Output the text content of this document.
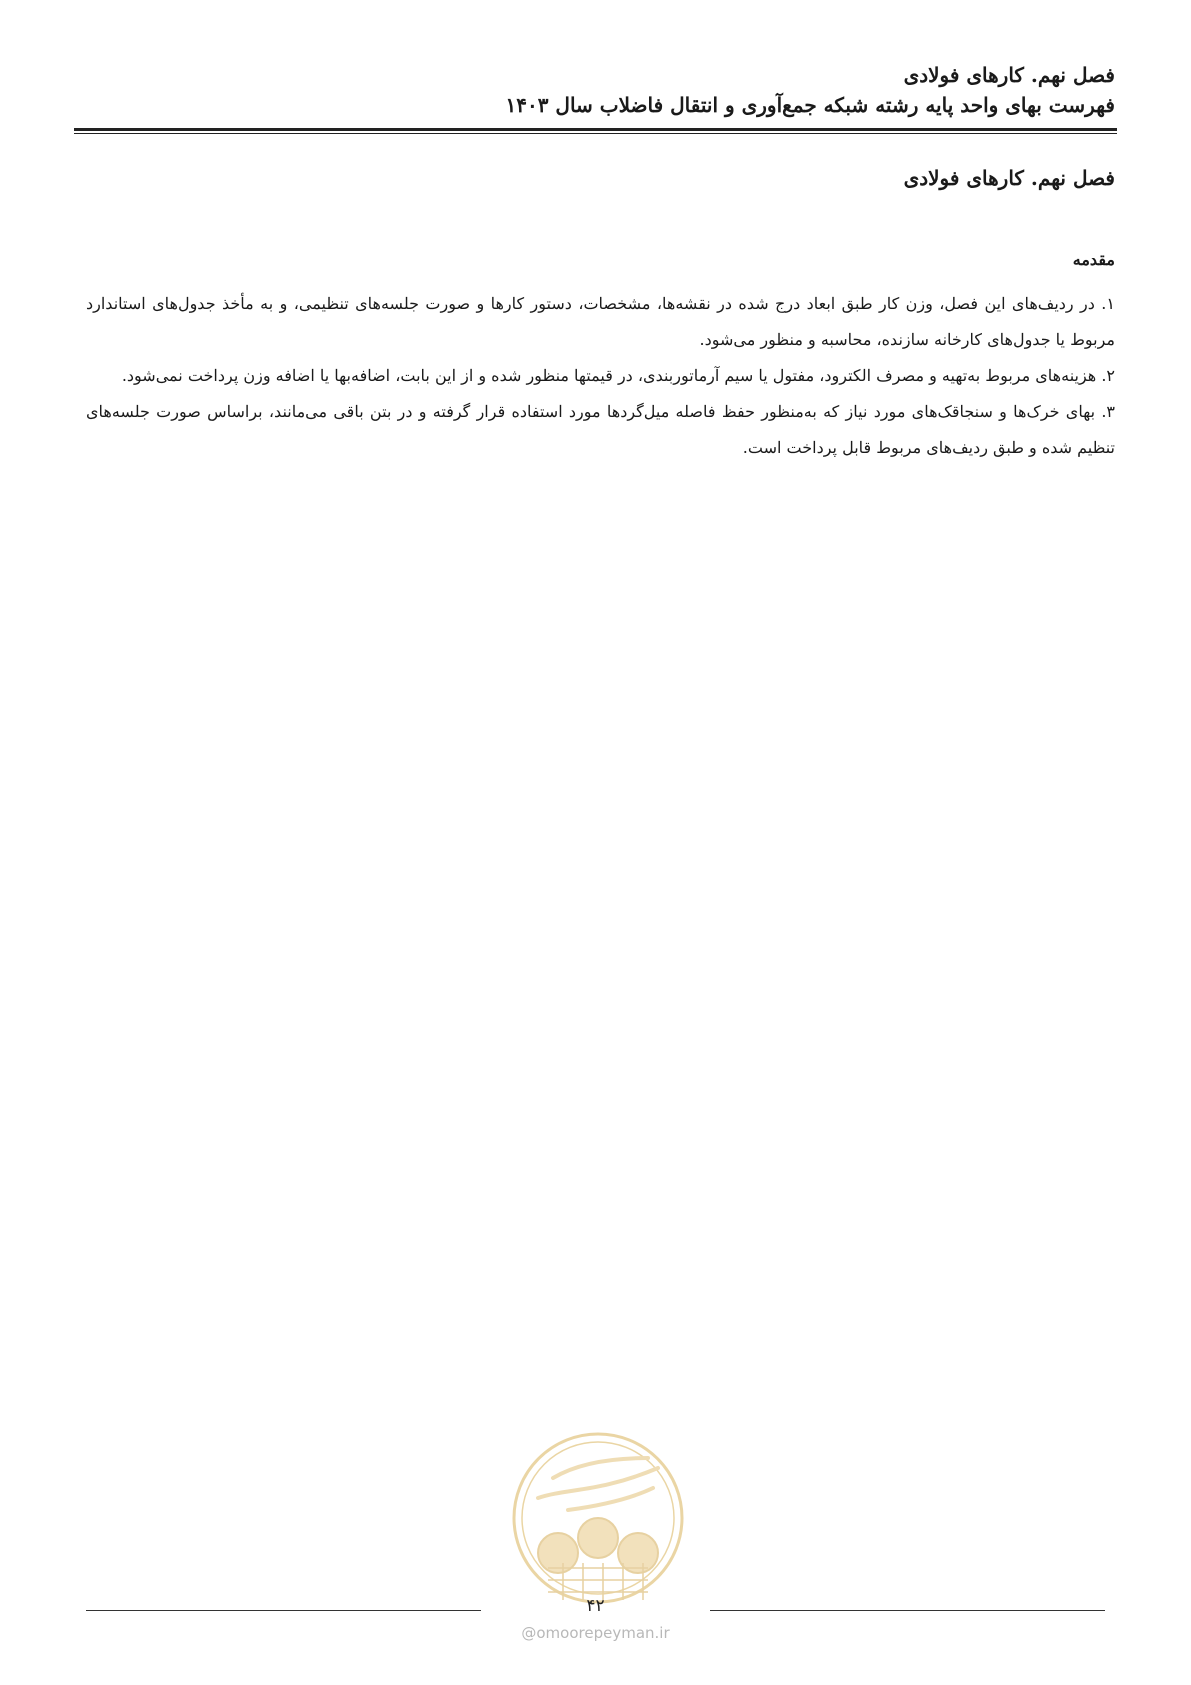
فصل نهم. کارهای فولادی
فهرست بهای واحد پایه رشته شبکه جمع‌آوری و انتقال فاضلاب سال ۱۴۰۳
فصل نهم. کارهای فولادی
مقدمه

۱. در ردیف‌های این فصل، وزن کار طبق ابعاد درج شده در نقشه‌ها، مشخصات، دستور کارها و صورت جلسه‌های تنظیمی، و به مأخذ جدول‌های استاندارد مربوط یا جدول‌های کارخانه سازنده، محاسبه و منظور می‌شود.

۲. هزینه‌های مربوط به‌تهیه و مصرف الکترود، مفتول یا سیم آرماتوربندی، در قیمتها منظور شده و از این بابت، اضافه‌بها یا اضافه وزن پرداخت نمی‌شود.

۳. بهای خرک‌ها و سنجاقک‌های مورد نیاز که به‌منظور حفظ فاصله میل‌گردها مورد استفاده قرار گرفته و در بتن باقی می‌مانند، براساس صورت جلسه‌های تنظیم شده و طبق ردیف‌های مربوط قابل پرداخت است.

۴۲
@omoorepeyman.ir
